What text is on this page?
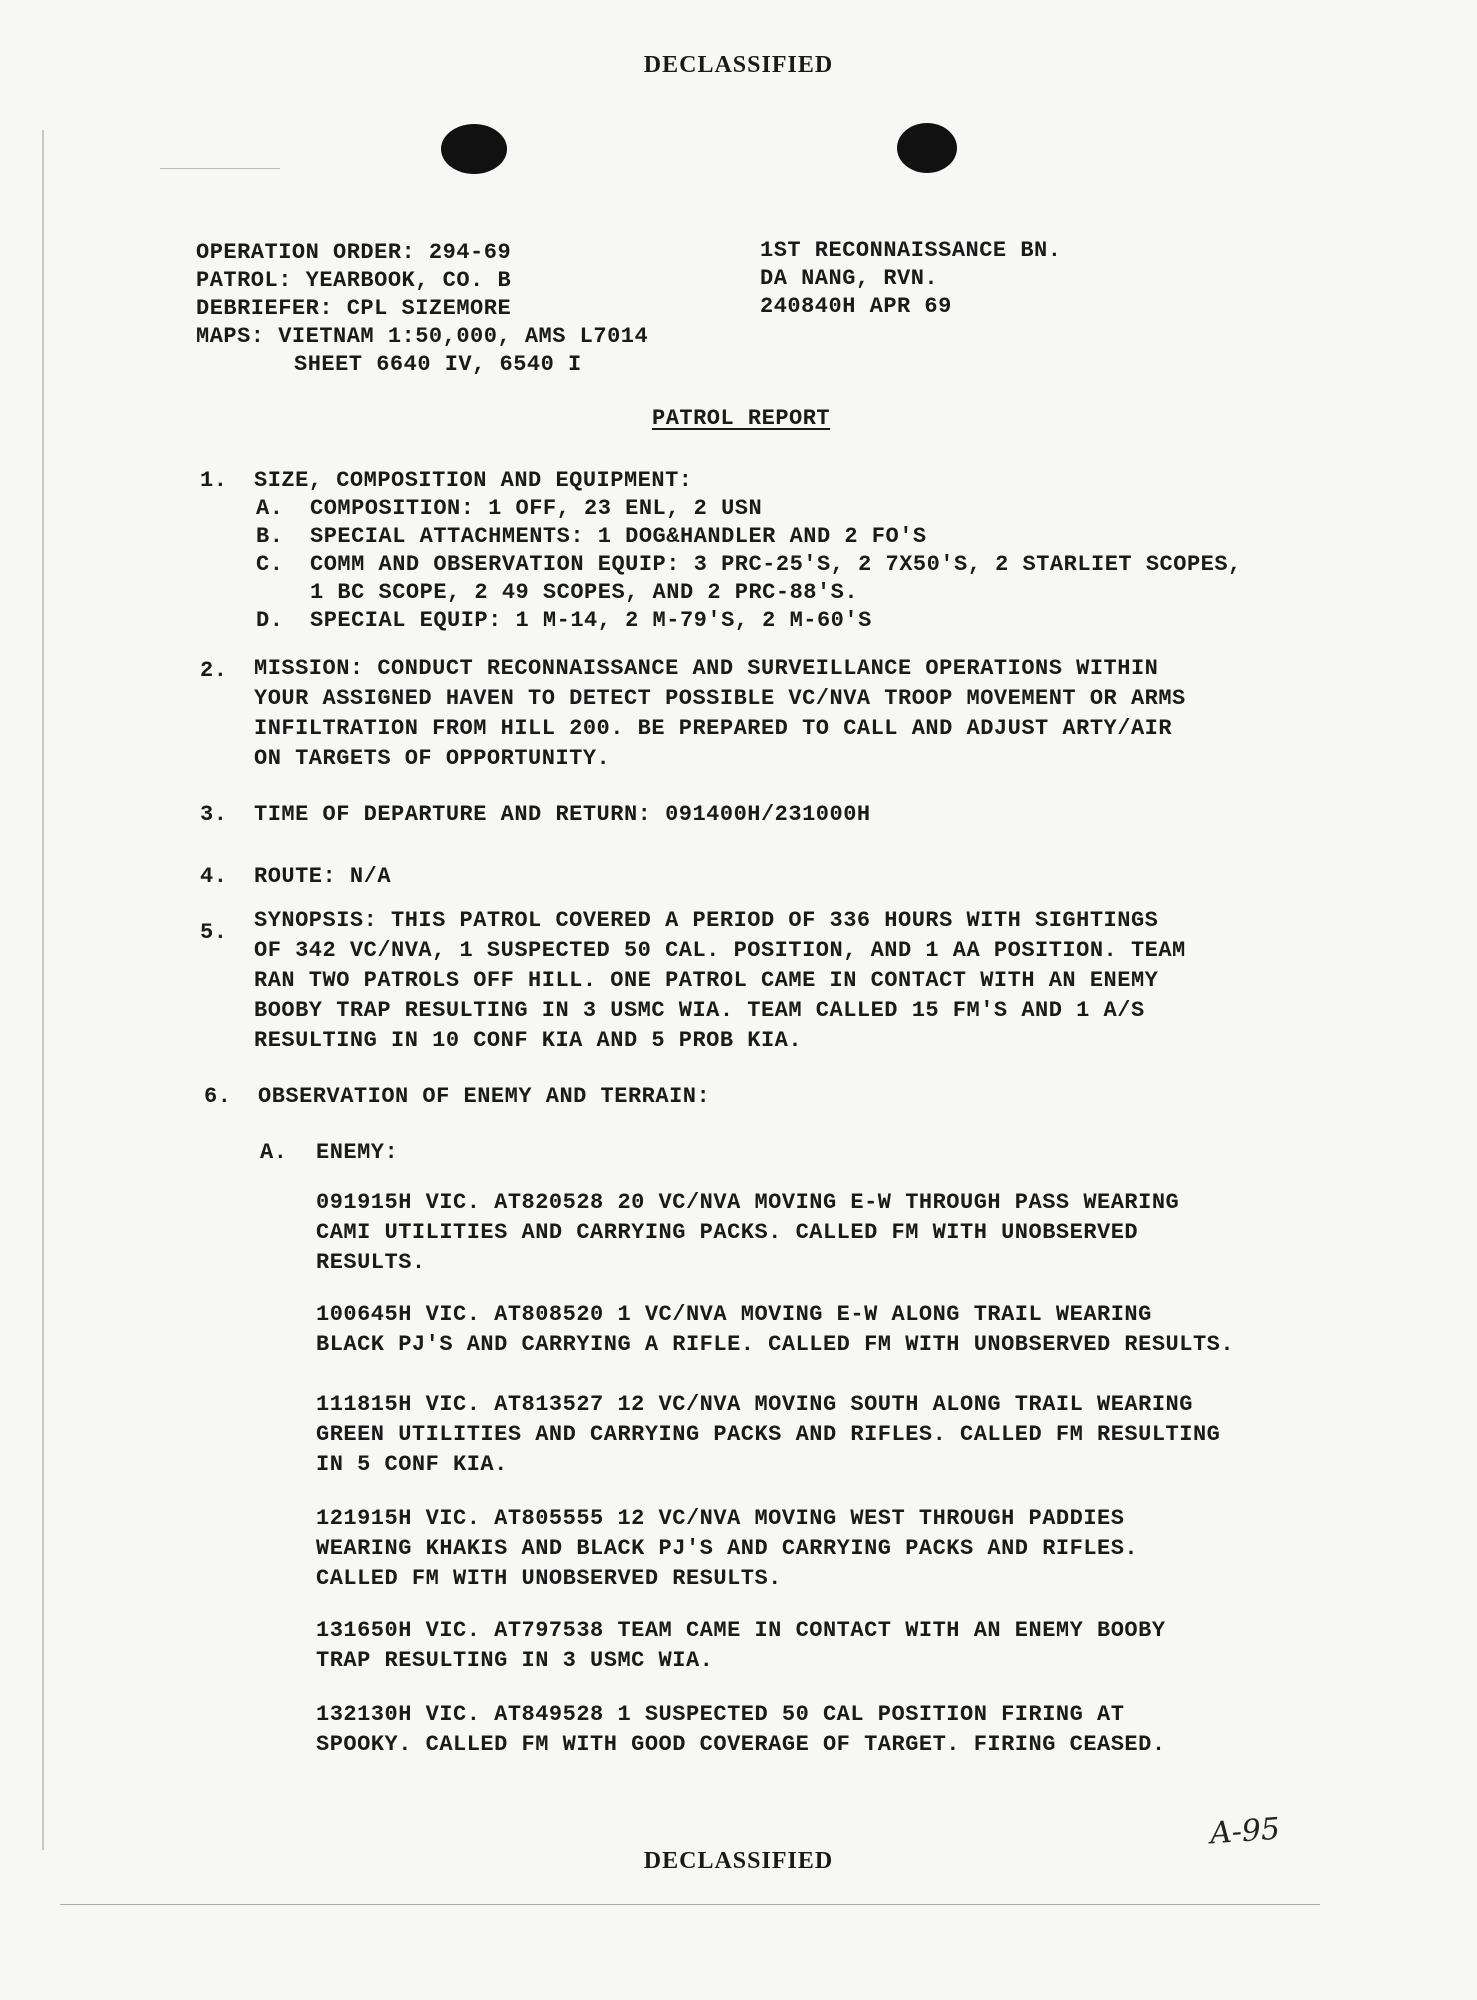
DECLASSIFIED
OPERATION ORDER: 294-69
PATROL: YEARBOOK, CO. B
DEBRIEFER: CPL SIZEMORE
MAPS: VIETNAM 1:50,000, AMS L7014
SHEET 6640 IV, 6540 I
1ST RECONNAISSANCE BN.
DA NANG, RVN.
240840H APR 69
PATROL REPORT
1. SIZE, COMPOSITION AND EQUIPMENT:
A. COMPOSITION: 1 OFF, 23 ENL, 2 USN
B. SPECIAL ATTACHMENTS: 1 DOG&HANDLER AND 2 FO'S
C. COMM AND OBSERVATION EQUIP: 3 PRC-25'S, 2 7X50'S, 2 STARLIET SCOPES,
1 BC SCOPE, 2 49 SCOPES, AND 2 PRC-88'S.
D. SPECIAL EQUIP: 1 M-14, 2 M-79'S, 2 M-60'S
2. MISSION: CONDUCT RECONNAISSANCE AND SURVEILLANCE OPERATIONS WITHIN
YOUR ASSIGNED HAVEN TO DETECT POSSIBLE VC/NVA TROOP MOVEMENT OR ARMS
INFILTRATION FROM HILL 200. BE PREPARED TO CALL AND ADJUST ARTY/AIR
ON TARGETS OF OPPORTUNITY.
3. TIME OF DEPARTURE AND RETURN: 091400H/231000H
4. ROUTE: N/A
5. SYNOPSIS: THIS PATROL COVERED A PERIOD OF 336 HOURS WITH SIGHTINGS
OF 342 VC/NVA, 1 SUSPECTED 50 CAL. POSITION, AND 1 AA POSITION. TEAM
RAN TWO PATROLS OFF HILL. ONE PATROL CAME IN CONTACT WITH AN ENEMY
BOOBY TRAP RESULTING IN 3 USMC WIA. TEAM CALLED 15 FM'S AND 1 A/S
RESULTING IN 10 CONF KIA AND 5 PROB KIA.
6. OBSERVATION OF ENEMY AND TERRAIN:
A. ENEMY:
091915H VIC. AT820528 20 VC/NVA MOVING E-W THROUGH PASS WEARING
CAMI UTILITIES AND CARRYING PACKS. CALLED FM WITH UNOBSERVED
RESULTS.
100645H VIC. AT808520 1 VC/NVA MOVING E-W ALONG TRAIL WEARING
BLACK PJ'S AND CARRYING A RIFLE. CALLED FM WITH UNOBSERVED RESULTS.
111815H VIC. AT813527 12 VC/NVA MOVING SOUTH ALONG TRAIL WEARING
GREEN UTILITIES AND CARRYING PACKS AND RIFLES. CALLED FM RESULTING
IN 5 CONF KIA.
121915H VIC. AT805555 12 VC/NVA MOVING WEST THROUGH PADDIES
WEARING KHAKIS AND BLACK PJ'S AND CARRYING PACKS AND RIFLES.
CALLED FM WITH UNOBSERVED RESULTS.
131650H VIC. AT797538 TEAM CAME IN CONTACT WITH AN ENEMY BOOBY
TRAP RESULTING IN 3 USMC WIA.
132130H VIC. AT849528 1 SUSPECTED 50 CAL POSITION FIRING AT
SPOOKY. CALLED FM WITH GOOD COVERAGE OF TARGET. FIRING CEASED.
A-95
DECLASSIFIED
